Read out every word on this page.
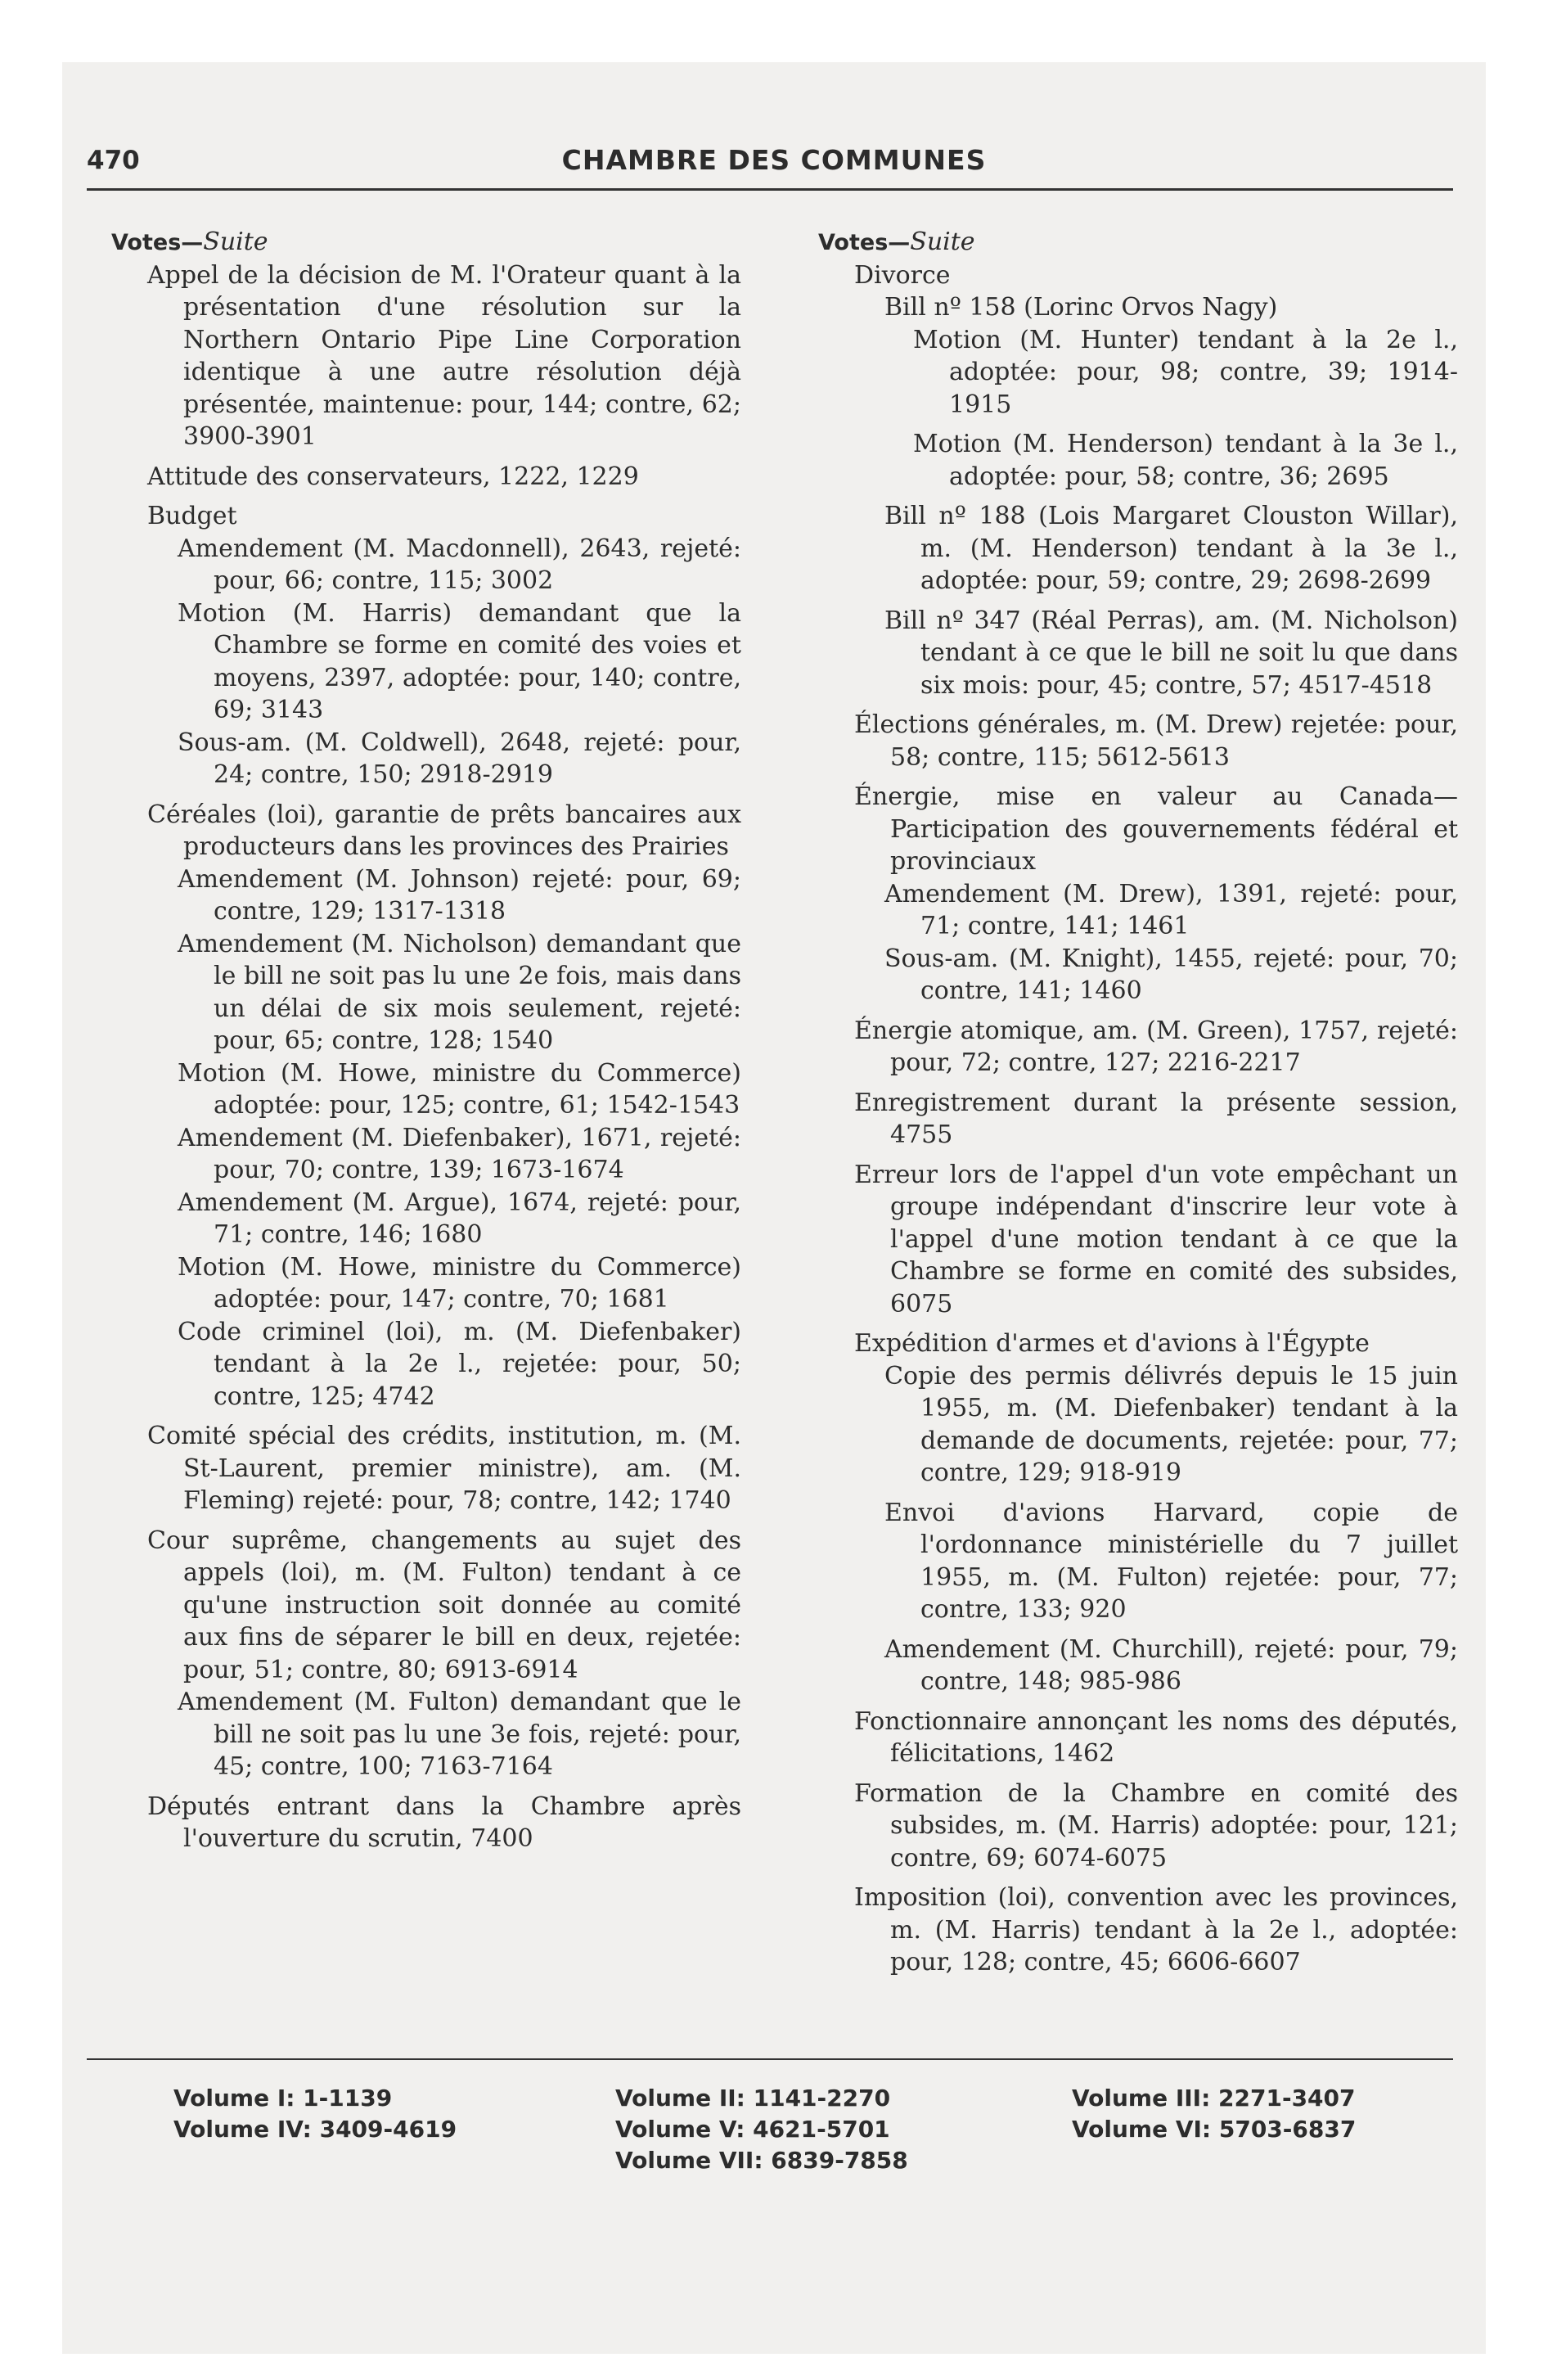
470	CHAMBRE DES COMMUNES
Votes—Suite
Appel de la décision de M. l'Orateur quant à la présentation d'une résolution sur la Northern Ontario Pipe Line Corporation identique à une autre résolution déjà présentée, maintenue: pour, 144; contre, 62; 3900-3901
Attitude des conservateurs, 1222, 1229
Budget
Amendement (M. Macdonnell), 2643, rejeté: pour, 66; contre, 115; 3002
Motion (M. Harris) demandant que la Chambre se forme en comité des voies et moyens, 2397, adoptée: pour, 140; contre, 69; 3143
Sous-am. (M. Coldwell), 2648, rejeté: pour, 24; contre, 150; 2918-2919
Céréales (loi), garantie de prêts bancaires aux producteurs dans les provinces des Prairies
Amendement (M. Johnson) rejeté: pour, 69; contre, 129; 1317-1318
Amendement (M. Nicholson) demandant que le bill ne soit pas lu une 2e fois, mais dans un délai de six mois seulement, rejeté: pour, 65; contre, 128; 1540
Motion (M. Howe, ministre du Commerce) adoptée: pour, 125; contre, 61; 1542-1543
Amendement (M. Diefenbaker), 1671, rejeté: pour, 70; contre, 139; 1673-1674
Amendement (M. Argue), 1674, rejeté: pour, 71; contre, 146; 1680
Motion (M. Howe, ministre du Commerce) adoptée: pour, 147; contre, 70; 1681
Code criminel (loi), m. (M. Diefenbaker) tendant à la 2e l., rejetée: pour, 50; contre, 125; 4742
Comité spécial des crédits, institution, m. (M. St-Laurent, premier ministre), am. (M. Fleming) rejeté: pour, 78; contre, 142; 1740
Cour suprême, changements au sujet des appels (loi), m. (M. Fulton) tendant à ce qu'une instruction soit donnée au comité aux fins de séparer le bill en deux, rejetée: pour, 51; contre, 80; 6913-6914
Amendement (M. Fulton) demandant que le bill ne soit pas lu une 3e fois, rejeté: pour, 45; contre, 100; 7163-7164
Députés entrant dans la Chambre après l'ouverture du scrutin, 7400
Votes—Suite
Divorce
Bill nº 158 (Lorinc Orvos Nagy)
Motion (M. Hunter) tendant à la 2e l., adoptée: pour, 98; contre, 39; 1914-1915
Motion (M. Henderson) tendant à la 3e l., adoptée: pour, 58; contre, 36; 2695
Bill nº 188 (Lois Margaret Clouston Willar), m. (M. Henderson) tendant à la 3e l., adoptée: pour, 59; contre, 29; 2698-2699
Bill nº 347 (Réal Perras), am. (M. Nicholson) tendant à ce que le bill ne soit lu que dans six mois: pour, 45; contre, 57; 4517-4518
Élections générales, m. (M. Drew) rejetée: pour, 58; contre, 115; 5612-5613
Énergie, mise en valeur au Canada—Participation des gouvernements fédéral et provinciaux
Amendement (M. Drew), 1391, rejeté: pour, 71; contre, 141; 1461
Sous-am. (M. Knight), 1455, rejeté: pour, 70; contre, 141; 1460
Énergie atomique, am. (M. Green), 1757, rejeté: pour, 72; contre, 127; 2216-2217
Enregistrement durant la présente session, 4755
Erreur lors de l'appel d'un vote empêchant un groupe indépendant d'inscrire leur vote à l'appel d'une motion tendant à ce que la Chambre se forme en comité des subsides, 6075
Expédition d'armes et d'avions à l'Égypte
Copie des permis délivrés depuis le 15 juin 1955, m. (M. Diefenbaker) tendant à la demande de documents, rejetée: pour, 77; contre, 129; 918-919
Envoi d'avions Harvard, copie de l'ordonnance ministérielle du 7 juillet 1955, m. (M. Fulton) rejetée: pour, 77; contre, 133; 920
Amendement (M. Churchill), rejeté: pour, 79; contre, 148; 985-986
Fonctionnaire annonçant les noms des députés, félicitations, 1462
Formation de la Chambre en comité des subsides, m. (M. Harris) adoptée: pour, 121; contre, 69; 6074-6075
Imposition (loi), convention avec les provinces, m. (M. Harris) tendant à la 2e l., adoptée: pour, 128; contre, 45; 6606-6607
Volume I: 1-1139
Volume IV: 3409-4619
Volume II: 1141-2270
Volume V: 4621-5701
Volume VII: 6839-7858
Volume III: 2271-3407
Volume VI: 5703-6837
